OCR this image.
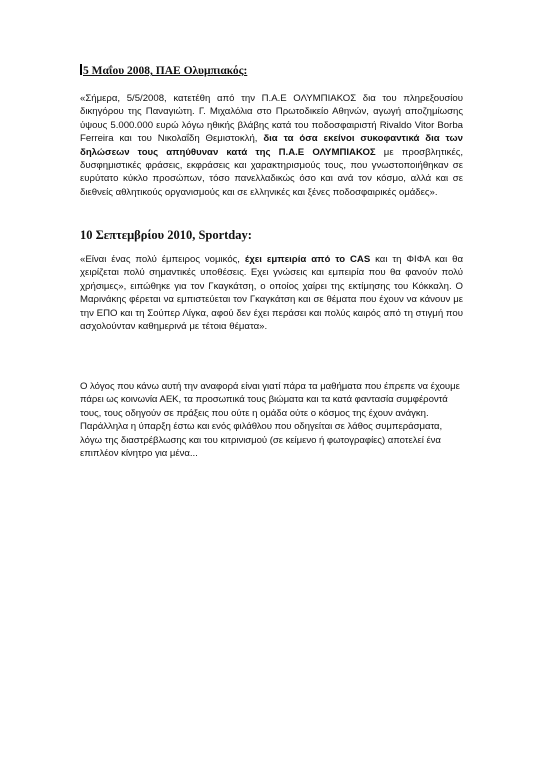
5 Μαΐου 2008, ΠΑΕ Ολυμπιακός:

«Σήμερα, 5/5/2008, κατετέθη από την Π.Α.Ε ΟΛΥΜΠΙΑΚΟΣ δια του πληρεξουσίου δικηγόρου της Παναγιώτη. Γ. Μιχαλόλια στο Πρωτοδικείο Αθηνών, αγωγή αποζημίωσης ύψους 5.000.000 ευρώ λόγω ηθικής βλάβης κατά του ποδοσφαιριστή Rivaldo Vitor Borba Ferreira και του Νικολαΐδη Θεμιστοκλή, δια τα όσα εκείνοι συκοφαντικά δια των δηλώσεων τους απηύθυναν κατά της Π.Α.Ε ΟΛΥΜΠΙΑΚΟΣ με προσβλητικές, δυσφημιστικές φράσεις, εκφράσεις και χαρακτηρισμούς τους, που γνωστοποιήθηκαν σε ευρύτατο κύκλο προσώπων, τόσο πανελλαδικώς όσο και ανά τον κόσμο, αλλά και σε διεθνείς αθλητικούς οργανισμούς και σε ελληνικές και ξένες ποδοσφαιρικές ομάδες».

10 Σεπτεμβρίου 2010, Sportday:

«Είναι ένας πολύ έμπειρος νομικός, έχει εμπειρία από το CAS και τη ΦΙΦΑ και θα χειρίζεται πολύ σημαντικές υποθέσεις. Εχει γνώσεις και εμπειρία που θα φανούν πολύ χρήσιμες», ειπώθηκε για τον Γκαγκάτση, ο οποίος χαίρει της εκτίμησης του Κόκκαλη. Ο Μαρινάκης φέρεται να εμπιστεύεται τον Γκαγκάτση και σε θέματα που έχουν να κάνουν με την ΕΠΟ και τη Σούπερ Λίγκα, αφού δεν έχει περάσει και πολύς καιρός από τη στιγμή που ασχολούνταν καθημερινά με τέτοια θέματα».

Ο λόγος που κάνω αυτή την αναφορά είναι γιατί πάρα τα μαθήματα που έπρεπε να έχουμε πάρει ως κοινωνία ΑΕΚ, τα προσωπικά τους βιώματα και τα κατά φαντασία συμφέροντά τους, τους οδηγούν σε πράξεις που ούτε η ομάδα ούτε ο κόσμος της έχουν ανάγκη. Παράλληλα η ύπαρξη έστω και ενός φιλάθλου που οδηγείται σε λάθος συμπεράσματα, λόγω της διαστρέβλωσης και του κιτρινισμού (σε κείμενο ή φωτογραφίες) αποτελεί ένα επιπλέον κίνητρο για μένα...
